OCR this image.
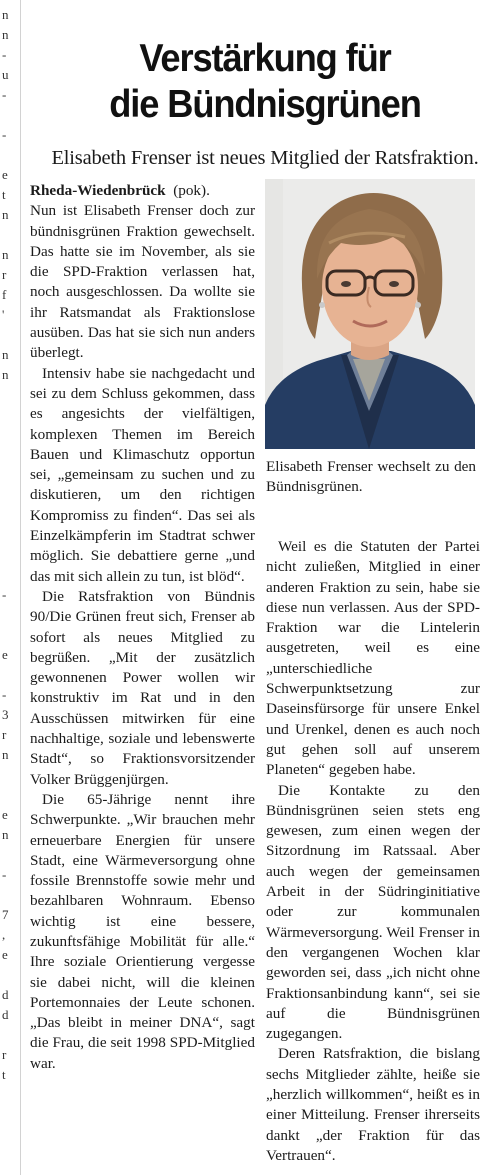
n
n
-
u
-
-
e
t
n
n
r
f
'
n
n
-
e
-
3
r
n
e
n
-
7
,
e
d
d
r
t
Verstärkung für
die Bündnisgrünen
Elisabeth Frenser ist neues Mitglied der Ratsfraktion.

Rheda-Wiedenbrück (pok).
Nun ist Elisabeth Frenser doch zur bündnisgrünen Fraktion gewechselt. Das hatte sie im November, als sie die SPD-Fraktion verlassen hat, noch ausgeschlossen. Da wollte sie ihr Ratsmandat als Fraktionslose ausüben. Das hat sie sich nun anders überlegt.

Intensiv habe sie nachgedacht und sei zu dem Schluss gekommen, dass es angesichts der vielfältigen, komplexen Themen im Bereich Bauen und Klimaschutz opportun sei, „gemeinsam zu suchen und zu diskutieren, um den richtigen Kompromiss zu finden“. Das sei als Einzelkämpferin im Stadtrat schwer möglich. Sie debattiere gerne „und das mit sich allein zu tun, ist blöd“.

Die Ratsfraktion von Bündnis 90/Die Grünen freut sich, Frenser ab sofort als neues Mitglied zu begrüßen. „Mit der zusätzlich gewonnenen Power wollen wir konstruktiv im Rat und in den Ausschüssen mitwirken für eine nachhaltige, soziale und lebenswerte Stadt“, so Fraktionsvorsitzender Volker Brüggenjürgen.

Die 65-Jährige nennt ihre Schwerpunkte. „Wir brauchen mehr erneuerbare Energien für unsere Stadt, eine Wärmeversorgung ohne fossile Brennstoffe sowie mehr und bezahlbaren Wohnraum. Ebenso wichtig ist eine bessere, zukunftsfähige Mobilität für alle.“ Ihre soziale Orientierung vergesse sie dabei nicht, will die kleinen Portemonnaies der Leute schonen. „Das bleibt in meiner DNA“, sagt die Frau, die seit 1998 SPD-Mitglied war.

Elisabeth Frenser wechselt zu den Bündnisgrünen.

Weil es die Statuten der Partei nicht zuließen, Mitglied in einer anderen Fraktion zu sein, habe sie diese nun verlassen. Aus der SPD-Fraktion war die Lintelerin ausgetreten, weil es eine „unterschiedliche Schwerpunktsetzung zur Daseinsfürsorge für unsere Enkel und Urenkel, denen es auch noch gut gehen soll auf unserem Planeten“ gegeben habe.

Die Kontakte zu den Bündnisgrünen seien stets eng gewesen, zum einen wegen der Sitzordnung im Ratssaal. Aber auch wegen der gemeinsamen Arbeit in der Südringinitiative oder zur kommunalen Wärmeversorgung. Weil Frenser in den vergangenen Wochen klar geworden sei, dass „ich nicht ohne Fraktionsanbindung kann“, sei sie auf die Bündnisgrünen zugegangen.

Deren Ratsfraktion, die bislang sechs Mitglieder zählte, heiße sie „herzlich willkommen“, heißt es in einer Mitteilung. Frenser ihrerseits dankt „der Fraktion für das Vertrauen“.
